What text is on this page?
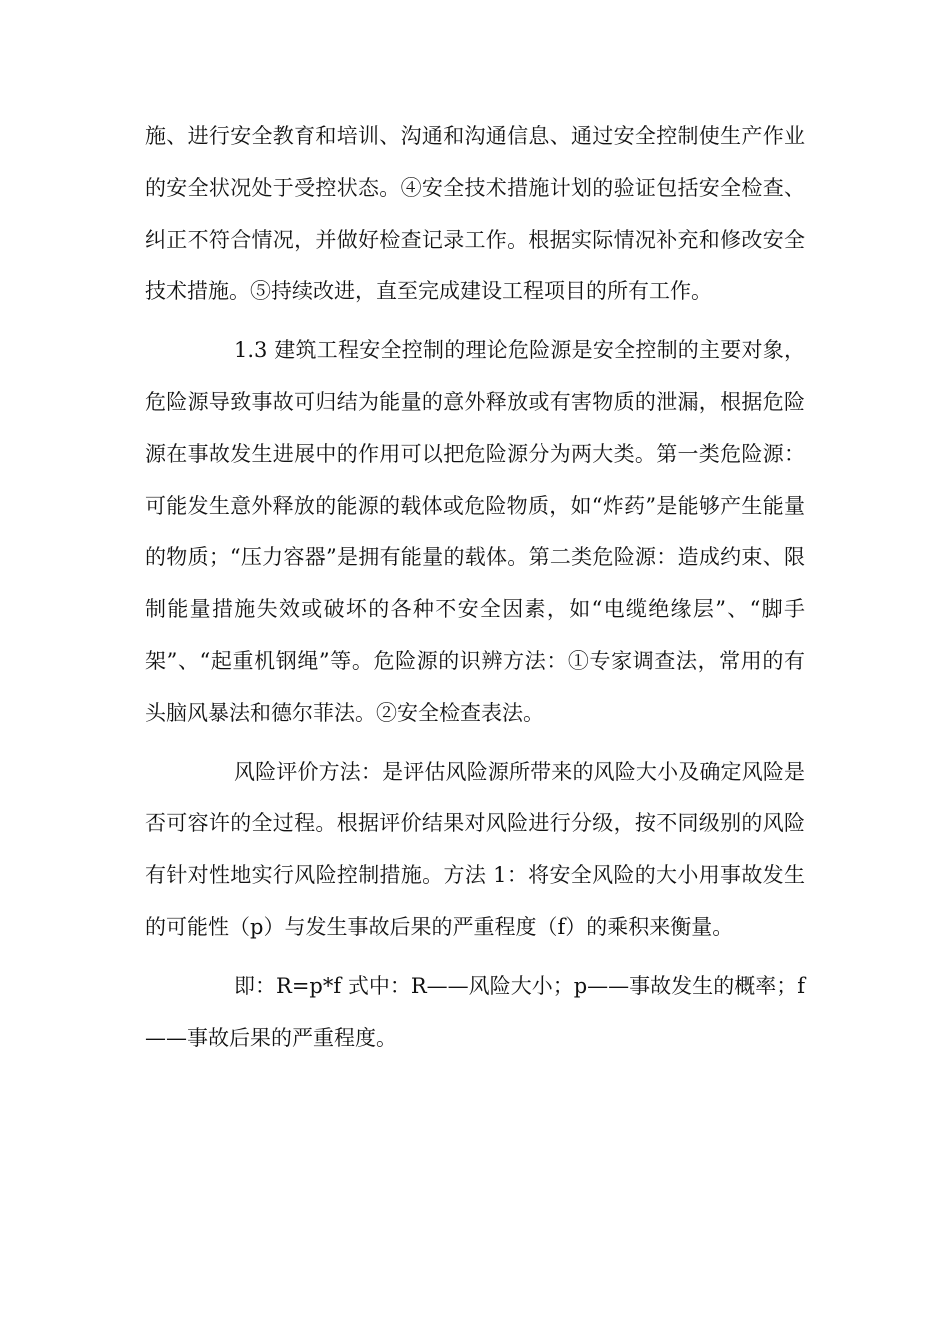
施、进行安全教育和培训、沟通和沟通信息、通过安全控制使生产作业的安全状况处于受控状态。④安全技术措施计划的验证包括安全检查、纠正不符合情况，并做好检查记录工作。根据实际情况补充和修改安全技术措施。⑤持续改进，直至完成建设工程项目的所有工作。

1.3 建筑工程安全控制的理论危险源是安全控制的主要对象，危险源导致事故可归结为能量的意外释放或有害物质的泄漏，根据危险源在事故发生进展中的作用可以把危险源分为两大类。第一类危险源：可能发生意外释放的能源的载体或危险物质，如“炸药”是能够产生能量的物质；“压力容器”是拥有能量的载体。第二类危险源：造成约束、限制能量措施失效或破坏的各种不安全因素，如“电缆绝缘层”、“脚手架”、“起重机钢绳”等。危险源的识辨方法：①专家调查法，常用的有头脑风暴法和德尔菲法。②安全检查表法。

风险评价方法：是评估风险源所带来的风险大小及确定风险是否可容许的全过程。根据评价结果对风险进行分级，按不同级别的风险有针对性地实行风险控制措施。方法 1：将安全风险的大小用事故发生的可能性（p）与发生事故后果的严重程度（f）的乘积来衡量。

即：R=p*f 式中：R——风险大小；p——事故发生的概率；f——事故后果的严重程度。
